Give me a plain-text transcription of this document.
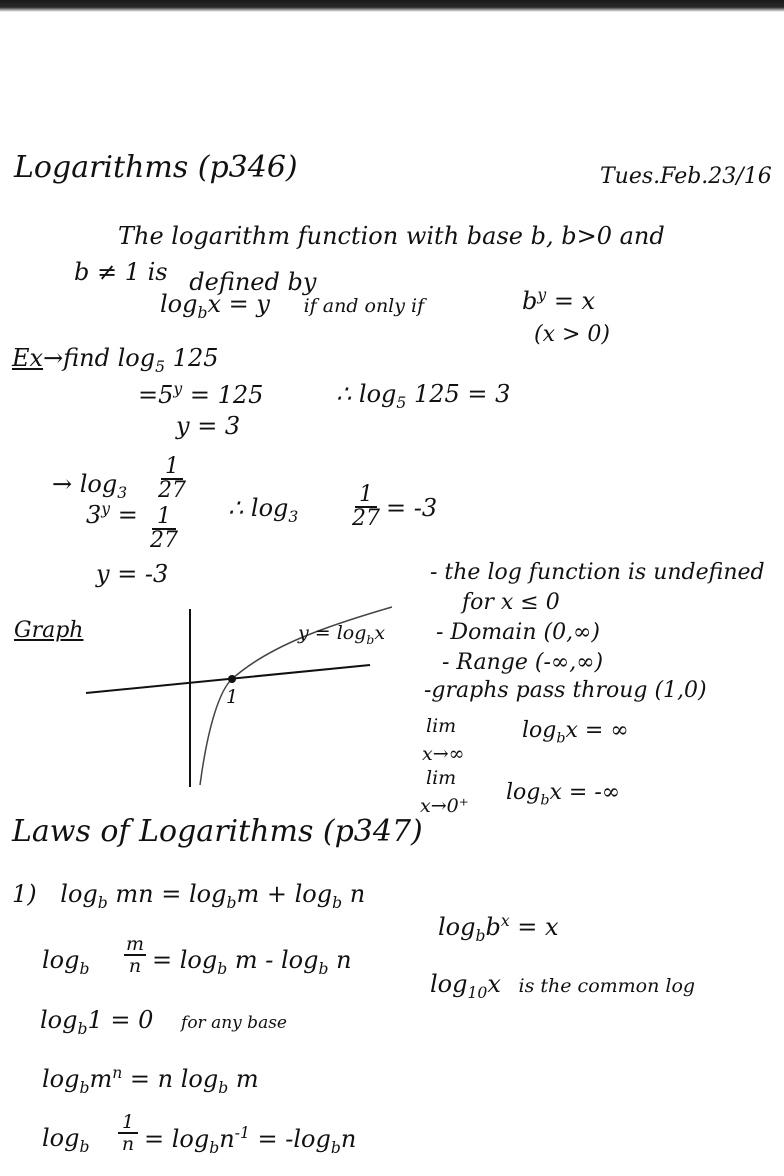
Logarithms (p346)	Tues.Feb.23/16
The logarithm function with base b, b>0 and
b ≠ 1 is defined by
$\log_bx = y$ if and only if	$b^y = x$
(x > 0)
Ex→find $\log_5 125$
$=5^y = 125$
y = 3
∴ $\log_5 125 = 3$
→ $\log_3$
1
27
$3^y = 1$
27
∴ $\log_3$
1
27 = -3
y = -3
Graph
1
$y = \log_bx$
- the log function is undefined
for x ≤ 0
- Domain (0,∞)
- Range (-∞,∞)
-graphs pass throug (1,0)
lim
x→∞
$\log_bx$ = ∞
lim
x→0⁺
$\log_bx$ = -∞
Laws of Logarithms (p347)
1) $\log_b$ mn = $\log_bm + \log_b n$
$\log_b$
m
$n = \log_b m - \log_b n$
$\log_b1 = 0$ for any base
$\log_bm^n = n$ $\log_b m$
$\log_b$
1
$n = \log_bn^{-1} = -\log_bn$
$\log_bb^x = x$
$\log_{10}x$ is the common log
